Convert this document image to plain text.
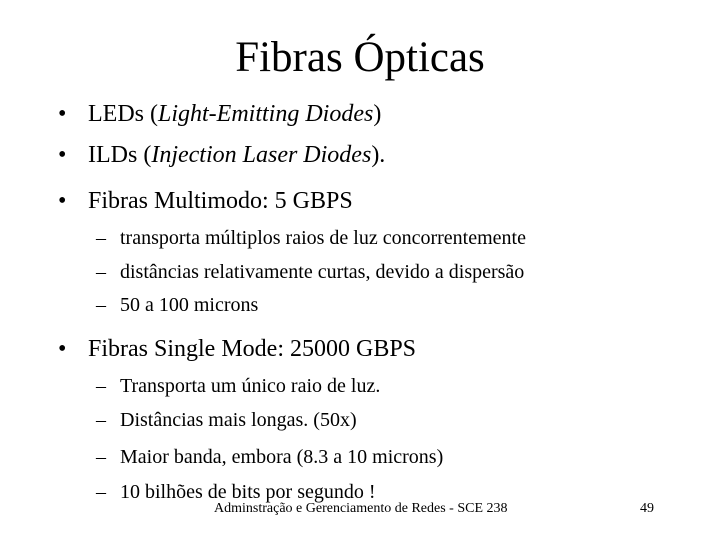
Fibras Ópticas
• LEDs (Light-Emitting Diodes)
• ILDs (Injection Laser Diodes).
• Fibras Multimodo: 5 GBPS
– transporta múltiplos raios de luz concorrentemente
– distâncias relativamente curtas, devido a dispersão
– 50 a 100 microns
• Fibras Single Mode: 25000 GBPS
– Transporta um único raio de luz.
– Distâncias mais longas. (50x)
– Maior banda, embora (8.3 a 10 microns)
– 10 bilhões de bits por segundo !
Adminstração e Gerenciamento de Redes - SCE 238	49
